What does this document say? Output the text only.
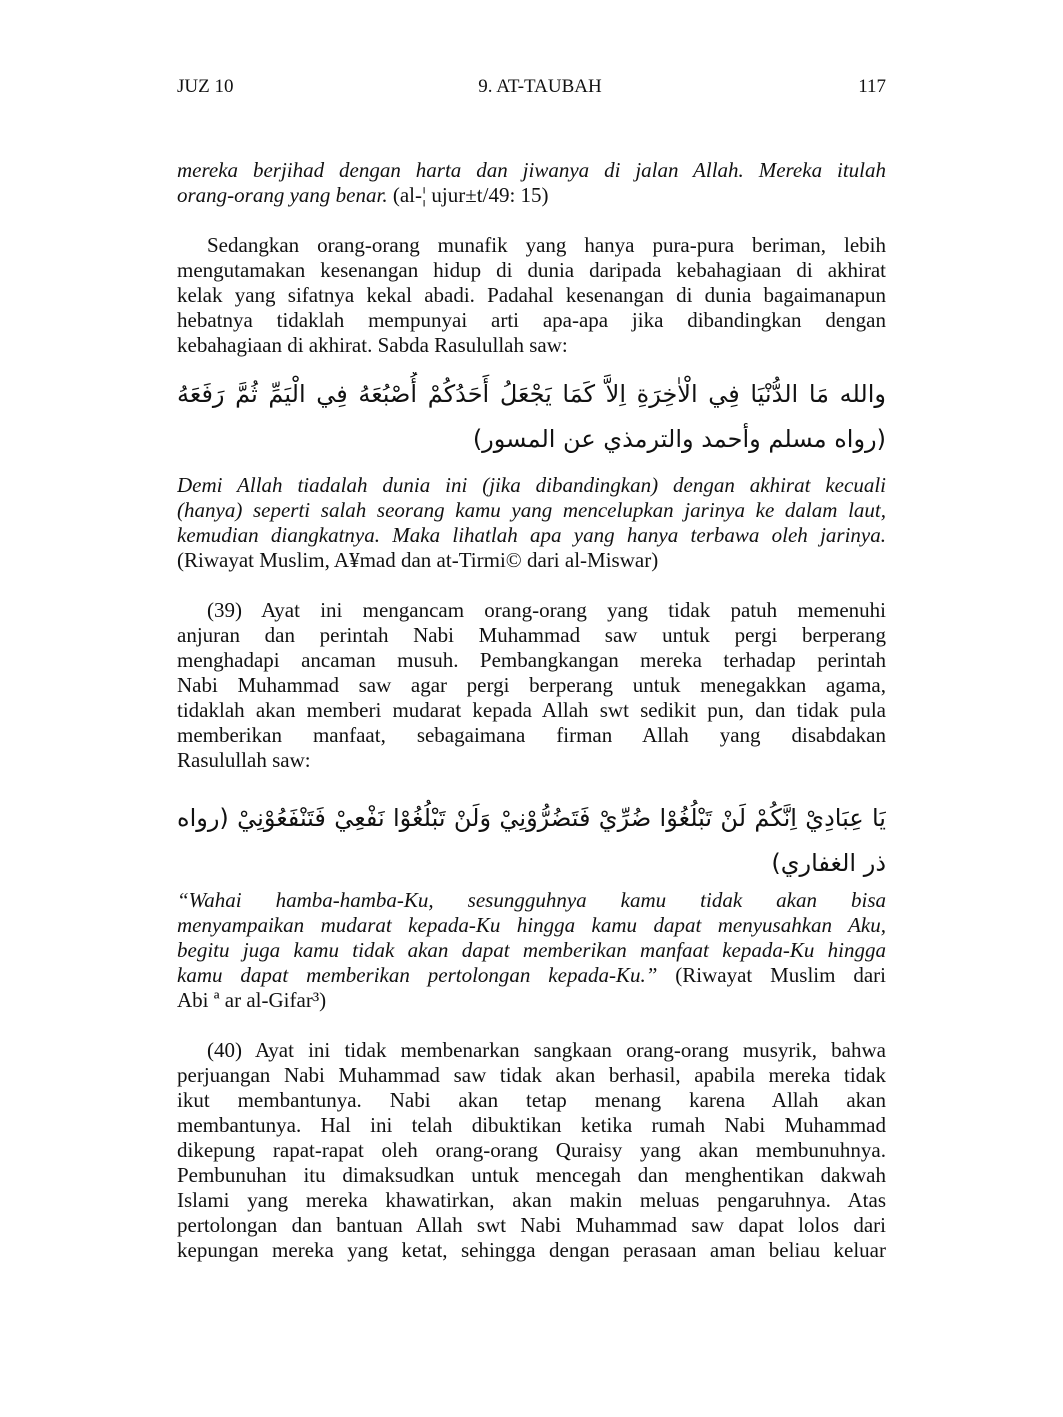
JUZ 10	9. AT-TAUBAH	117
mereka berjihad dengan harta dan jiwanya di jalan Allah. Mereka itulah
orang-orang yang benar. (al-¦ ujur±t/49: 15)
Sedangkan orang-orang munafik yang hanya pura-pura beriman, lebih
mengutamakan kesenangan hidup di dunia daripada kebahagiaan di akhirat
kelak yang sifatnya kekal abadi. Padahal kesenangan di dunia bagaimanapun
hebatnya tidaklah mempunyai arti apa-apa jika dibandingkan dengan
kebahagiaan di akhirat. Sabda Rasulullah saw:
والله مَا الدُّنْيَا فِي الْاٰخِرَةِ اِلاَّ كَمَا يَجْعَلُ أَحَدُكُمْ أُصْبُعَهُ فِي الْيَمِّ ثُمَّ رَفَعَهُ
(رواه مسلم وأحمد والترمذي عن المسور)
Demi Allah tiadalah dunia ini (jika dibandingkan) dengan akhirat kecuali
(hanya) seperti salah seorang kamu yang mencelupkan jarinya ke dalam laut,
kemudian diangkatnya. Maka lihatlah apa yang hanya terbawa oleh jarinya.
(Riwayat Muslim, A¥mad dan at-Tirmi© dari al-Miswar)
(39) Ayat ini mengancam orang-orang yang tidak patuh memenuhi
anjuran dan perintah Nabi Muhammad saw untuk pergi berperang
menghadapi ancaman musuh. Pembangkangan mereka terhadap perintah
Nabi Muhammad saw agar pergi berperang untuk menegakkan agama,
tidaklah akan memberi mudarat kepada Allah swt sedikit pun, dan tidak pula
memberikan manfaat, sebagaimana firman Allah yang disabdakan
Rasulullah saw:
يَا عِبَادِيْ اِنَّكُمْ لَنْ تَبْلُغُوْا ضُرِّيْ فَتَضُرُّوْنِيْ وَلَنْ تَبْلُغُوْا نَفْعِيْ فَتَنْفَعُوْنِيْ (رواه
ذر الغفاري)
“Wahai hamba-hamba-Ku, sesungguhnya kamu tidak akan bisa
menyampaikan mudarat kepada-Ku hingga kamu dapat menyusahkan Aku,
begitu juga kamu tidak akan dapat memberikan manfaat kepada-Ku hingga
kamu dapat memberikan pertolongan kepada-Ku.” (Riwayat Muslim dari
Abi ª ar al-Gifar³)
(40) Ayat ini tidak membenarkan sangkaan orang-orang musyrik, bahwa
perjuangan Nabi Muhammad saw tidak akan berhasil, apabila mereka tidak
ikut membantunya. Nabi akan tetap menang karena Allah akan
membantunya. Hal ini telah dibuktikan ketika rumah Nabi Muhammad
dikepung rapat-rapat oleh orang-orang Quraisy yang akan membunuhnya.
Pembunuhan itu dimaksudkan untuk mencegah dan menghentikan dakwah
Islami yang mereka khawatirkan, akan makin meluas pengaruhnya. Atas
pertolongan dan bantuan Allah swt Nabi Muhammad saw dapat lolos dari
kepungan mereka yang ketat, sehingga dengan perasaan aman beliau keluar
